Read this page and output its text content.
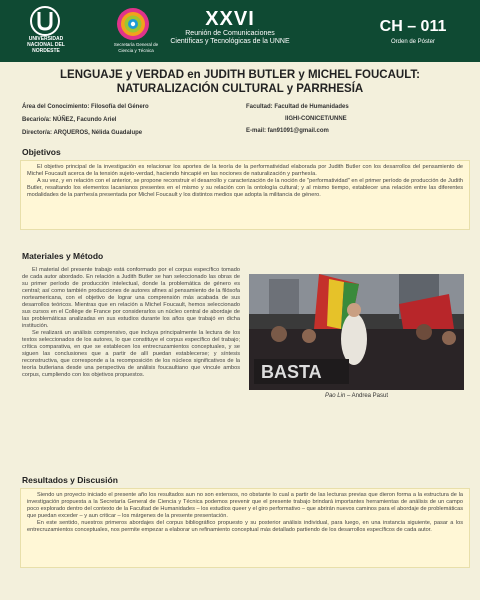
UNIVERSIDAD NACIONAL DEL NORDESTE
Secretaría General de Ciencia y Técnica
XXVI
Reunión de Comunicaciones
Científicas y Tecnológicas de la UNNE
CH – 011
Orden de Póster
LENGUAJE y VERDAD en JUDITH BUTLER y MICHEL FOUCAULT:
NATURALIZACIÓN CULTURAL y PARRHESÍA
Área del Conocimiento: Filosofía del Género
Becario/a: NÚÑEZ, Facundo Ariel
Director/a: ARQUEROS, Nélida Guadalupe
Facultad: Facultad de Humanidades
IIGHI-CONICET/UNNE
E-mail: fan91091@gmail.com
Objetivos

El objetivo principal de la investigación es relacionar los aportes de la teoría de la performatividad elaborada por Judith Butler con los desarrollos del pensamiento de Michel Foucault acerca de la tensión sujeto-verdad, haciendo hincapié en las nociones de naturalización y parrhesía.

A su vez, y en relación con el anterior, se propone reconstruir el desarrollo y caracterización de la noción de "performatividad" en el primer período de producción de Judith Butler, resaltando los elementos lacanianos presentes en el mismo y su relación con la ontología cultural; y al mismo tiempo, establecer una relación entre las diferentes modalidades de la parrhesía presentada por Michel Foucault y los distintos medios que adopta la militancia de género.

Materiales y Método

El material del presente trabajo está conformado por el corpus específico tomado de cada autor abordado. En relación a Judith Butler se han seleccionado las obras de su primer período de producción intelectual, donde la problemática de género es central; así como también producciones de autores afines al pensamiento de la filósofa norteamericana, con el objetivo de lograr una comprensión más acabada de sus desarrollos teóricos. Mientras que en relación a Michel Foucault, hemos seleccionado sus cursos en el Collège de France por considerarlos un núcleo central de abordaje de las problemáticas analizadas en sus estudios durante los años que trabajó en dicha institución.

Se realizará un análisis comprensivo, que incluya principalmente la lectura de los textos seleccionados de los autores, lo que constituye el corpus específico del trabajo; crítica comparativa, en que se establecen los entrecruzamientos conceptuales, y se siguen las conclusiones que a partir de allí puedan establecerse; y síntesis reconstructiva, que corresponde a la recomposición de los núcleos significativos de la teoría butleriana desde una perspectiva de análisis foucaultiano que vincule ambos corpus, cumpliendo con los objetivos propuestos.	BASTA
Pao Lin – Andrea Pasut
Resultados y Discusión

Siendo un proyecto iniciado el presente año los resultados aun no son extensos, no obstante lo cual a partir de las lecturas previas que dieron forma a la estructura de la investigación propuesta a la Secretaría General de Ciencia y Técnica podemos prevenir que el presente trabajo brindará importantes herramientas de análisis de un campo poco explorado dentro del contexto de la Facultad de Humanidades – los estudios queer y el giro performativo – que abrirán nuevos caminos para el abordaje de problemáticas que puedan exceder – y aun criticar – los márgenes de la presente presentación.

En este sentido, nuestros primeros abordajes del corpus bibliográfico propuesto y su posterior análisis individual, para luego, en una instancia siguiente, pasar a los entrecruzamientos conceptuales, nos permite empezar a elaborar un refinamiento conceptual más detallado partiendo de los desarrollos específicos de cada autor.
